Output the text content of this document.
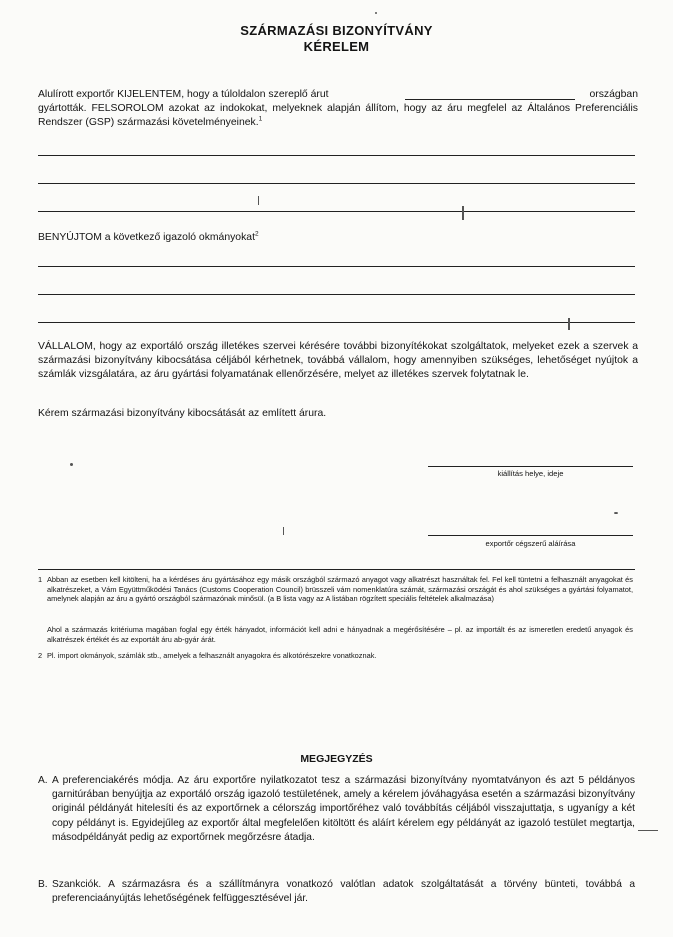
SZÁRMAZÁSI BIZONYÍTVÁNY
KÉRELEM
Alulírott exportőr KIJELENTEM, hogy a túloldalon szereplő árut	országban
gyártották. FELSOROLOM azokat az indokokat, melyeknek alapján állítom, hogy az áru megfelel az Általános Preferenciális Rendszer (GSP) származási követelményeinek.$^1$
BENYÚJTOM a következő igazoló okmányokat$^2$
VÁLLALOM, hogy az exportáló ország illetékes szervei kérésére további bizonyítékokat szolgáltatok, melyeket ezek a szervek a származási bizonyítvány kibocsátása céljából kérhetnek, továbbá vállalom, hogy amennyiben szükséges, lehetőséget nyújtok a számlák vizsgálatára, az áru gyártási folyamatának ellenőrzésére, melyet az illetékes szervek folytatnak le.
Kérem származási bizonyítvány kibocsátását az említett árura.
kiállítás helye, ideje
exportőr cégszerű aláírása
1 Abban az esetben kell kitölteni, ha a kérdéses áru gyártásához egy másik országból származó anyagot vagy alkatrészt használtak fel. Fel kell tüntetni a felhasznált anyagokat és alkatrészeket, a Vám Együttműködési Tanács (Customs Cooperation Council) brüsszeli vám nomenklatúra számát, származási országát és ahol szükséges a gyártási folyamatot, amelynek alapján az áru a gyártó országból származónak minősül. (a B lista vagy az A listában rögzített speciális feltételek alkalmazása)
Ahol a származás kritériuma magában foglal egy érték hányadot, információt kell adni e hányadnak a megérősítésére – pl. az importált és az ismeretlen eredetű anyagok és alkatrészek értékét és az exportált áru ab-gyár árát.
2 Pl. import okmányok, számlák stb., amelyek a felhasznált anyagokra és alkotórészekre vonatkoznak.
MEGJEGYZÉS
A. A preferenciakérés módja. Az áru exportőre nyilatkozatot tesz a származási bizonyítvány nyomtatványon és azt 5 példányos garnitúrában benyújtja az exportáló ország igazoló testületének, amely a kérelem jóváhagyása esetén a származási bizonyítvány originál példányát hitelesíti és az exportőrnek a célország importőréhez való továbbítás céljából visszajuttatja, s ugyanígy a két copy példányt is. Egyidejűleg az exportőr által megfelelően kitöltött és aláírt kérelem egy példányát az igazoló testület megtartja, másodpéldányát pedig az exportőrnek megőrzésre átadja.
B. Szankciók. A származásra és a szállítmányra vonatkozó valótlan adatok szolgáltatását a törvény bünteti, továbbá a preferenciaányújtás lehetőségének felfüggesztésével jár.
